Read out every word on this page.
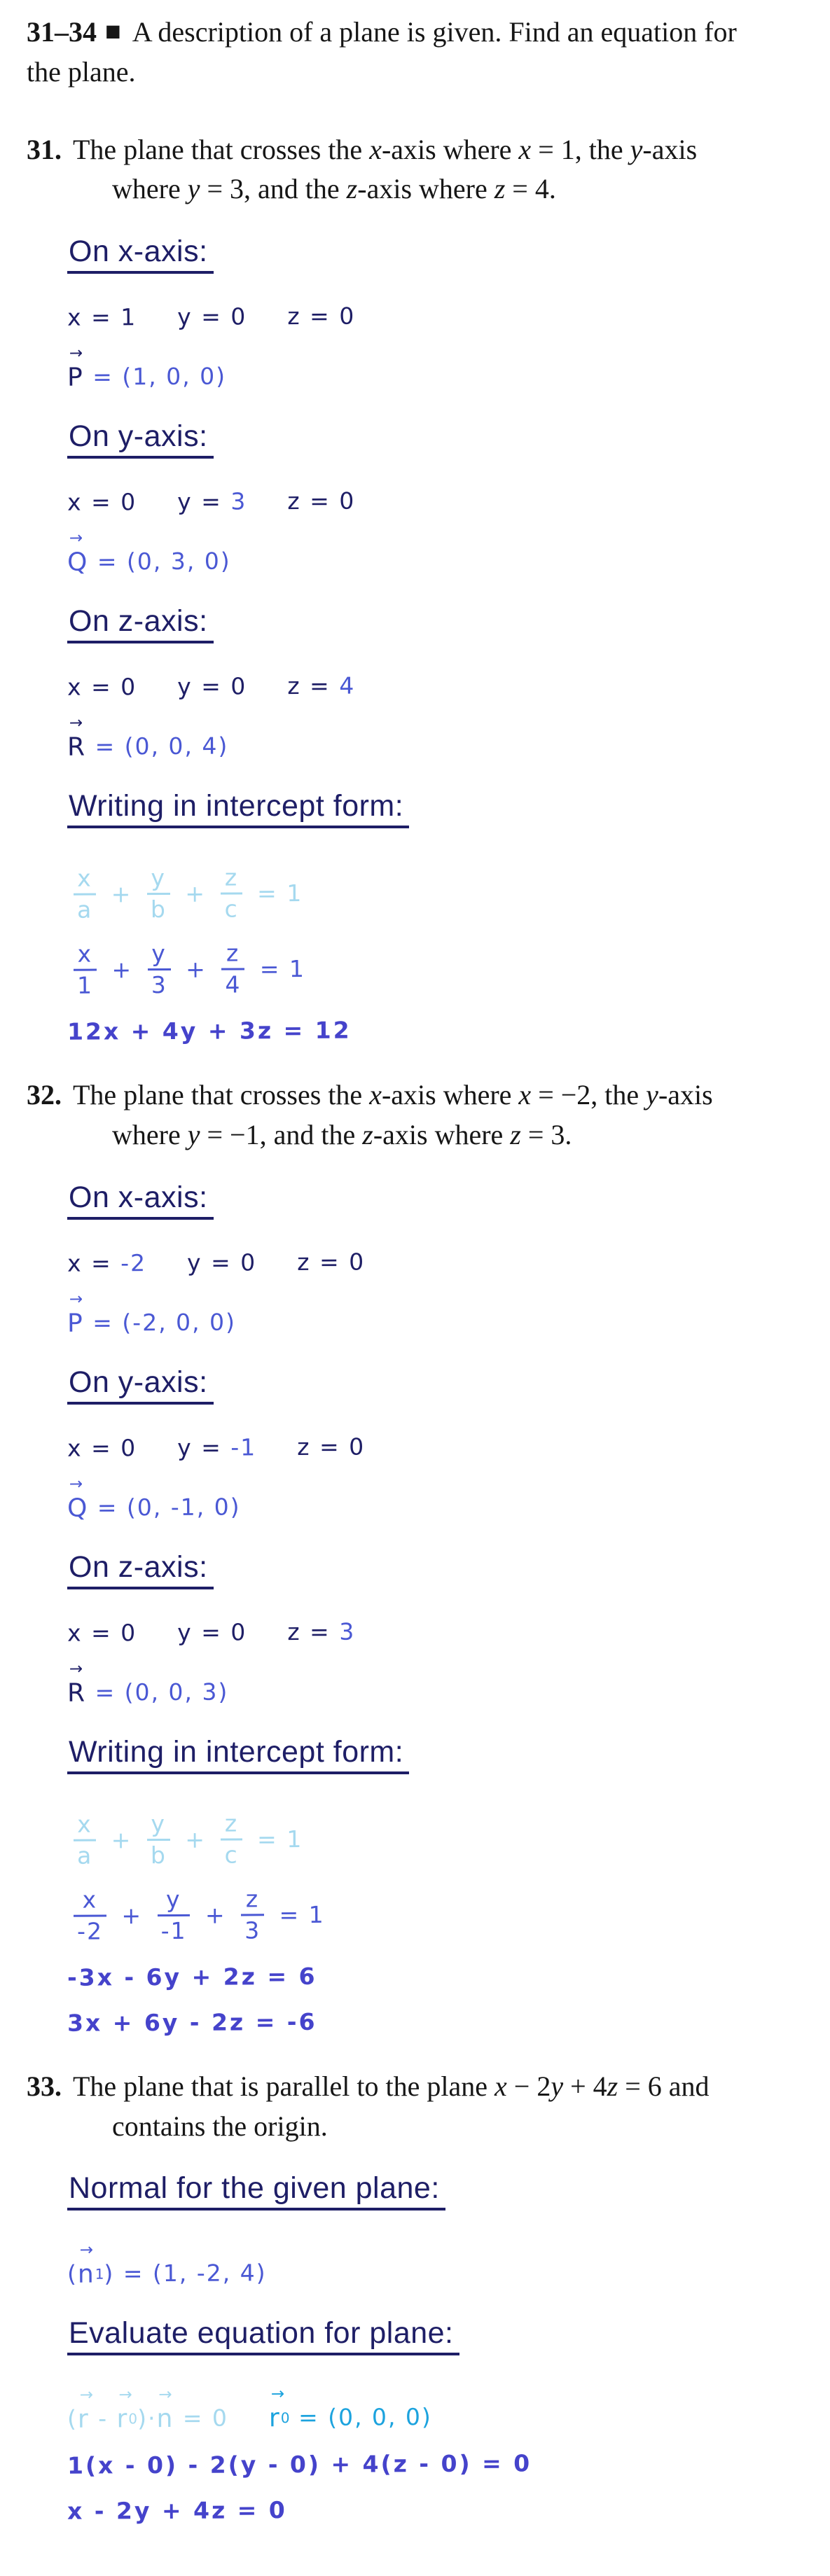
31–34 ■ A description of a plane is given. Find an equation for
the plane.
31. The plane that crosses the x-axis where x = 1, the y-axis
where y = 3, and the z-axis where z = 4.
On x-axis:
x = 1 y = 0 z = 0
→
P = (1, 0, 0)
On y-axis:
x = 0 y = 3 z = 0
→
Q = (0, 3, 0)
On z-axis:
x = 0 y = 0 z = 4
→
R = (0, 0, 4)
Writing in intercept form:
$\frac{x}{a} + \frac{y}{b} + \frac{z}{c} = 1$
$\frac{x}{1} + \frac{y}{3} + \frac{z}{4} = 1$
12x + 4y + 3z = 12
32. The plane that crosses the x-axis where x = −2, the y-axis
where y = −1, and the z-axis where z = 3.
On x-axis:
x = -2 y = 0 z = 0
→
P = (-2, 0, 0)
On y-axis:
x = 0 y = -1 z = 0
→
Q = (0, -1, 0)
On z-axis:
x = 0 y = 0 z = 3
→
R = (0, 0, 3)
Writing in intercept form:
$\frac{x}{a} + \frac{y}{b} + \frac{z}{c} = 1$
$\frac{x}{-2} + \frac{y}{-1} + \frac{z}{3} = 1$
-3x - 6y + 2z = 6
3x + 6y - 2z = -6
33. The plane that is parallel to the plane x − 2y + 4z = 6 and
contains the origin.
Normal for the given plane:
(
→
n 1 ) = (1, -2, 4)
Evaluate equation for plane:
(
→
r -
→
r 0 )·
→
n = 0
→
r 0 = (0, 0, 0)
1(x - 0) - 2(y - 0) + 4(z - 0) = 0
x - 2y + 4z = 0
